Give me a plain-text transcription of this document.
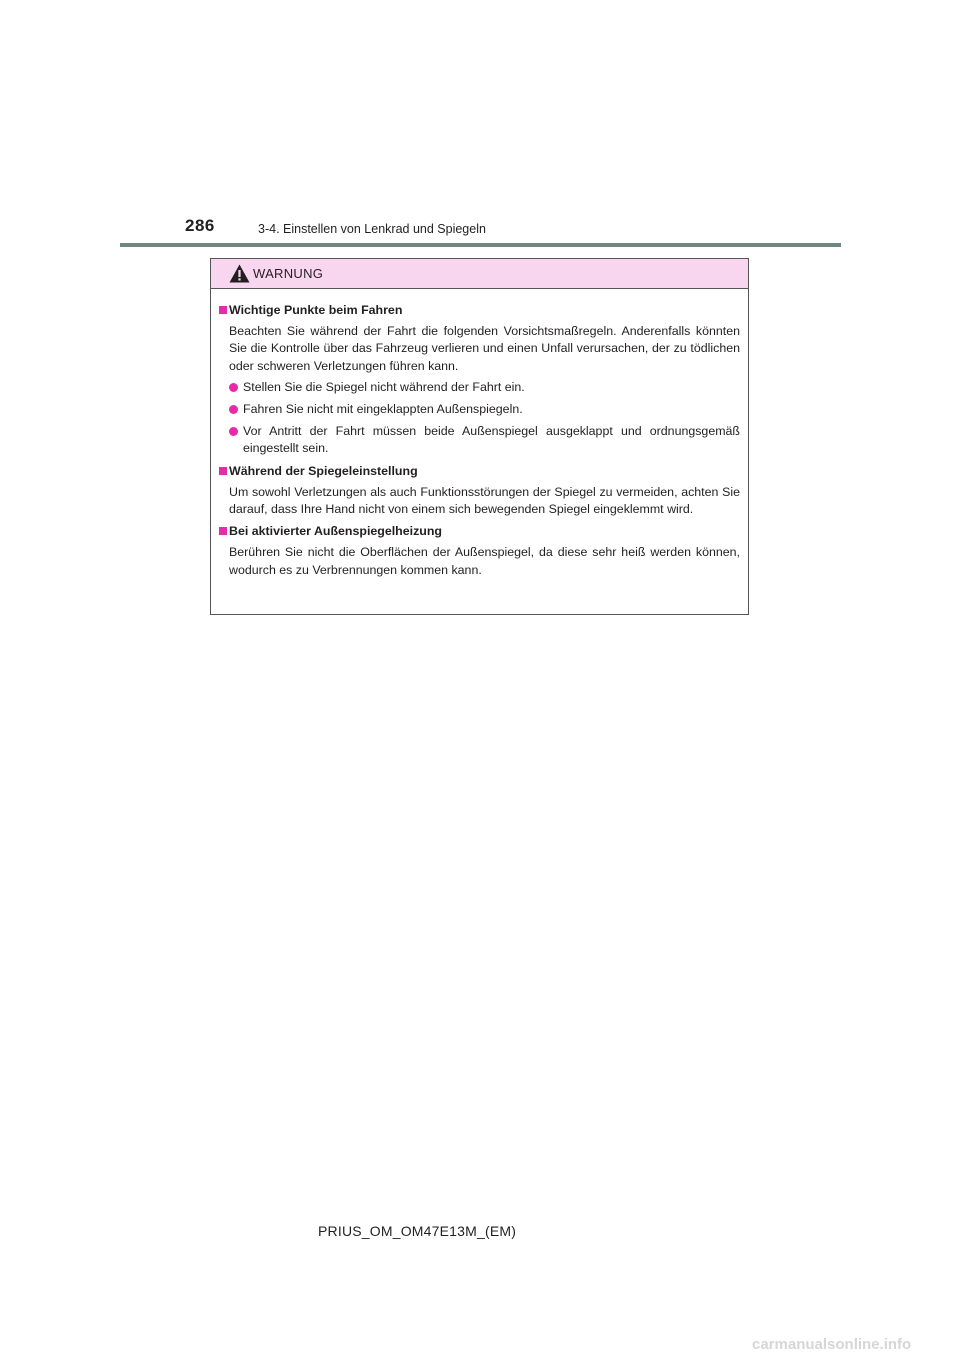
286	3-4. Einstellen von Lenkrad und Spiegeln
WARNUNG
Wichtige Punkte beim Fahren

Beachten Sie während der Fahrt die folgenden Vorsichtsmaßregeln. Anderenfalls könnten Sie die Kontrolle über das Fahrzeug verlieren und einen Unfall verursachen, der zu tödlichen oder schweren Verletzungen führen kann.

Stellen Sie die Spiegel nicht während der Fahrt ein.
Fahren Sie nicht mit eingeklappten Außenspiegeln.
Vor Antritt der Fahrt müssen beide Außenspiegel ausgeklappt und ordnungsgemäß eingestellt sein.
Während der Spiegeleinstellung

Um sowohl Verletzungen als auch Funktionsstörungen der Spiegel zu vermeiden, achten Sie darauf, dass Ihre Hand nicht von einem sich bewegenden Spiegel eingeklemmt wird.

Bei aktivierter Außenspiegelheizung

Berühren Sie nicht die Oberflächen der Außenspiegel, da diese sehr heiß werden können, wodurch es zu Verbrennungen kommen kann.

PRIUS_OM_OM47E13M_(EM)
carmanualsonline.info
